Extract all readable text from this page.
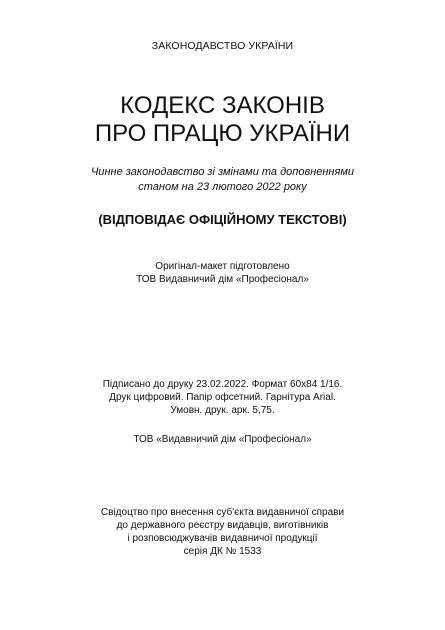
ЗАКОНОДАВСТВО УКРАЇНИ

КОДЕКС ЗАКОНІВ
ПРО ПРАЦЮ УКРАЇНИ

Чинне законодавство зі змінами та доповненнями
станом на 23 лютого 2022 року

(ВІДПОВІДАЄ ОФІЦІЙНОМУ ТЕКСТОВІ)

Оригінал-макет підготовлено
ТОВ Видавничий дім «Професіонал»

Підписано до друку 23.02.2022. Формат 60x84 1/16.
Друк цифровий. Папір офсетний. Гарнітура Arial.
Умовн. друк. арк. 5,75.

ТОВ «Видавничий дім «Професіонал»

Свідоцтво про внесення суб'єкта видавничої справи
до державного реєстру видавців, виготівників
і розповсюджувачів видавничої продукції
серія ДК № 1533
